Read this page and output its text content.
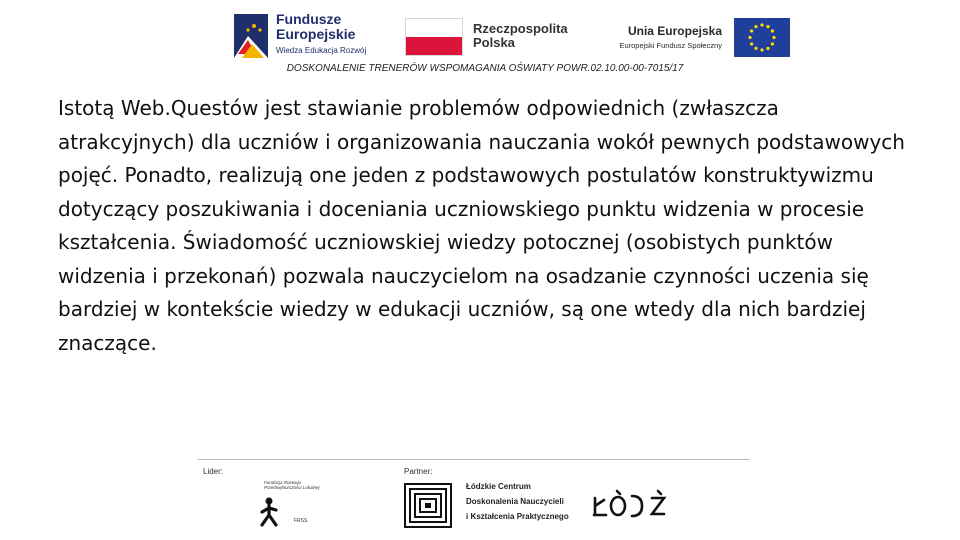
Fundusze
Europejskie
Wiedza Edukacja Rozwój
Rzeczpospolita
Polska
Unia Europejska
Europejski Fundusz Społeczny
DOSKONALENIE TRENERÓW WSPOMAGANIA OŚWIATY POWR.02.10.00-00-7015/17

Istotą Web.Questów jest stawianie problemów odpowiednich (zwłaszcza atrakcyjnych) dla uczniów i organizowania nauczania wokół pewnych podstawowych pojęć. Ponadto, realizują one jeden z podstawowych postulatów konstruktywizmu dotyczący poszukiwania i doceniania uczniowskiego punktu widzenia w procesie kształcenia. Świadomość uczniowskiej wiedzy potocznej (osobistych punktów widzenia i przekonań) pozwala nauczycielom na osadzanie czynności uczenia się bardziej w kontekście wiedzy w edukacji uczniów, są one wtedy dla nich bardziej znaczące.

Lider:	Partner:
Fundacja Rozwoju Przedsiębiorczości Lokalnej
FRSS
Łódzkie Centrum
Doskonalenia Nauczycieli
i Kształcenia Praktycznego
